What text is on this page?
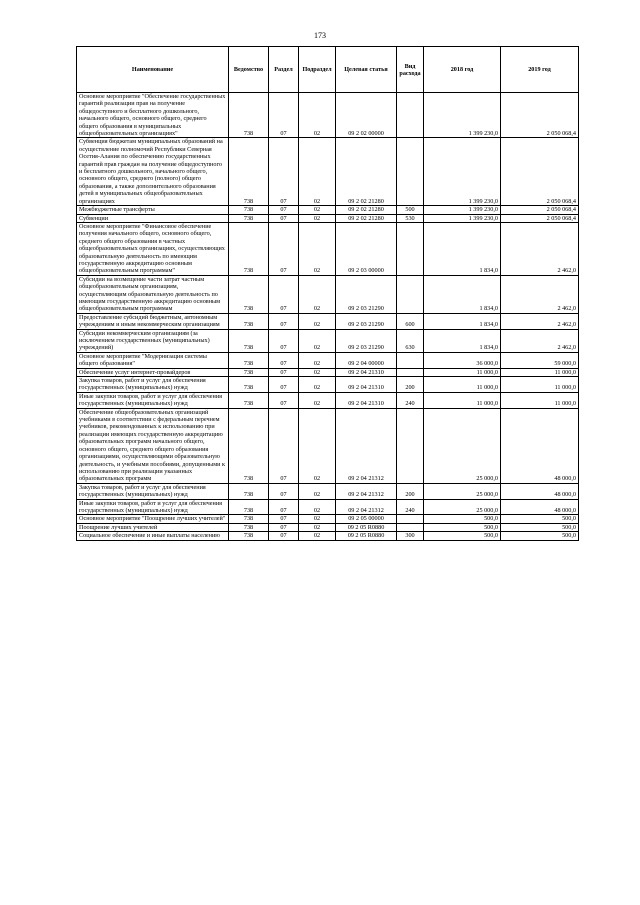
173
Наименование	Ведомство	Раздел	Подраздел	Целевая статья	Вид расхода	2018 год	2019 год
Основное мероприятие "Обеспечение государственных гарантий реализации прав на получение общедоступного и бесплатного дошкольного, начального общего, основного общего, среднего общего образования в муниципальных общеобразовательных организациях"	738	07	02	09 2 02 00000		1 399 230,0	2 050 068,4
Субвенция бюджетам муниципальных образований на осуществление полномочий Республики Северная Осетия-Алания по обеспечению государственных гарантий прав граждан на получение общедоступного и бесплатного дошкольного, начального общего, основного общего, среднего (полного) общего образования, а также дополнительного образования детей в муниципальных общеобразовательных организациях	738	07	02	09 2 02 21280		1 399 230,0	2 050 068,4
Межбюджетные трансферты	738	07	02	09 2 02 21280	500	1 399 230,0	2 050 068,4
Субвенции	738	07	02	09 2 02 21280	530	1 399 230,0	2 050 068,4
Основное мероприятие "Финансовое обеспечение получения начального общего, основного общего, среднего общего образования в частных общеобразовательных организациях, осуществляющих образовательную деятельность по имеющим государственную аккредитацию основным общеобразовательным программам"	738	07	02	09 2 03 00000		1 834,0	2 462,0
Субсидии на возмещение части затрат частным общеобразовательным организациям, осуществляющим образовательную деятельность по имеющим государственную аккредитацию основным общеобразовательным программам	738	07	02	09 2 03 21290		1 834,0	2 462,0
Предоставление субсидий бюджетным, автономным учреждениям и иным некоммерческим организациям	738	07	02	09 2 03 21290	600	1 834,0	2 462,0
Субсидии некоммерческим организациям (за исключением государственных (муниципальных) учреждений)	738	07	02	09 2 03 21290	630	1 834,0	2 462,0
Основное мероприятие "Модернизация системы общего образования"	738	07	02	09 2 04 00000		36 000,0	59 000,0
Обеспечение услуг интернет-провайдеров	738	07	02	09 2 04 21310		11 000,0	11 000,0
Закупка товаров, работ и услуг для обеспечения государственных (муниципальных) нужд	738	07	02	09 2 04 21310	200	11 000,0	11 000,0
Иные закупки товаров, работ и услуг для обеспечения государственных (муниципальных) нужд	738	07	02	09 2 04 21310	240	11 000,0	11 000,0
Обеспечение общеобразовательных организаций учебниками в соответствии с федеральным перечнем учебников, рекомендованных к использованию при реализации имеющих государственную аккредитацию образовательных программ начального общего, основного общего, среднего общего образования организациями, осуществляющими образовательную деятельность, и учебными пособиями, допущенными к использованию при реализации указанных образовательных программ	738	07	02	09 2 04 21312		25 000,0	48 000,0
Закупка товаров, работ и услуг для обеспечения государственных (муниципальных) нужд	738	07	02	09 2 04 21312	200	25 000,0	48 000,0
Иные закупки товаров, работ и услуг для обеспечения государственных (муниципальных) нужд	738	07	02	09 2 04 21312	240	25 000,0	48 000,0
Основное мероприятие "Поощрение лучших учителей"	738	07	02	09 2 05 00000		500,0	500,0
Поощрение лучших учителей	738	07	02	09 2 05 R0880		500,0	500,0
Социальное обеспечение и иные выплаты населению	738	07	02	09 2 05 R0880	300	500,0	500,0
